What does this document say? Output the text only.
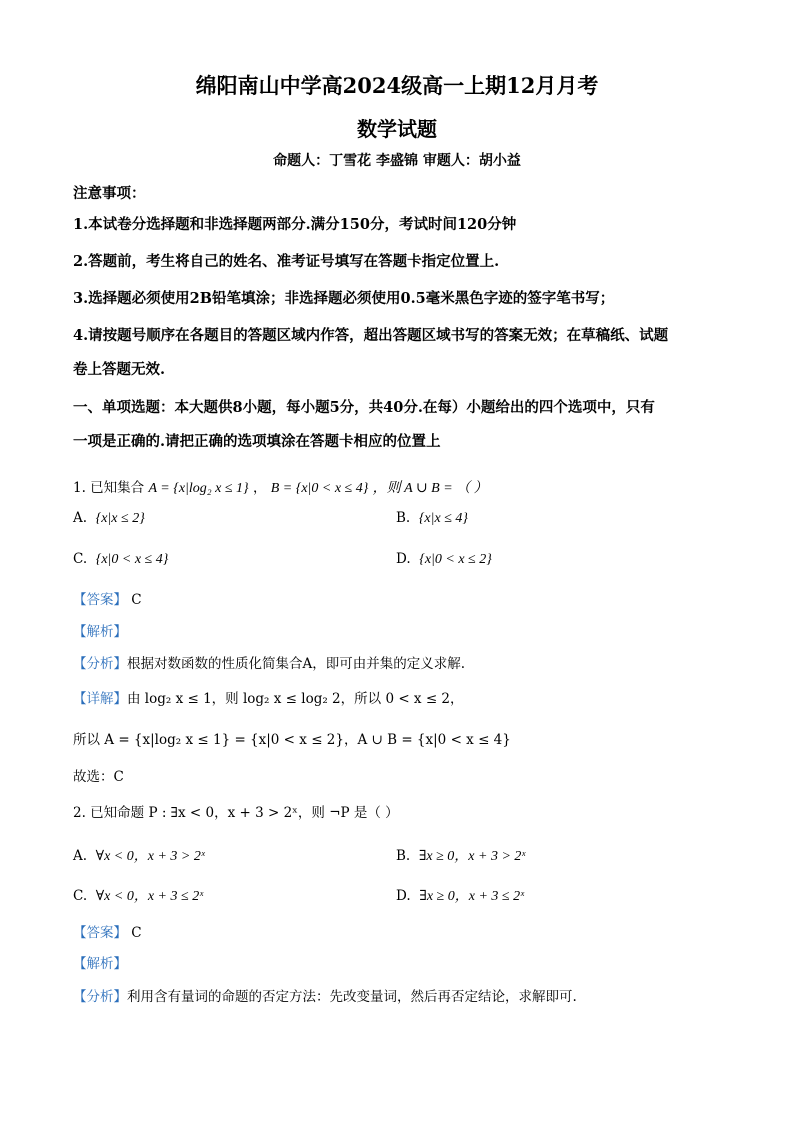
绵阳南山中学高2024级高一上期12月月考
数学试题
命题人：丁雪花 李盛锦 审题人：胡小益
注意事项：
1.本试卷分选择题和非选择题两部分.满分150分，考试时间120分钟
2.答题前，考生将自己的姓名、准考证号填写在答题卡指定位置上.
3.选择题必须使用2B铅笔填涂；非选择题必须使用0.5毫米黑色字迹的签字笔书写；
4.请按题号顺序在各题目的答题区域内作答，超出答题区域书写的答案无效；在草稿纸、试题
卷上答题无效.
一、单项选题：本大题供8小题，每小题5分，共40分.在每）小题给出的四个选项中，只有
一项是正确的.请把正确的选项填涂在答题卡相应的位置上
1. 已知集合 A = {x|log₂ x ≤ 1} ， B = {x|0 < x ≤ 4} ，则 A ∪ B = （ ）
A. {x|x ≤ 2}	B. {x|x ≤ 4}
C. {x|0 < x ≤ 4}	D. {x|0 < x ≤ 2}
【答案】 C
【解析】
【分析】根据对数函数的性质化简集合A，即可由并集的定义求解.
【详解】由 log₂ x ≤ 1，则 log₂ x ≤ log₂ 2，所以 0 < x ≤ 2，
所以 A = {x|log₂ x ≤ 1} = {x|0 < x ≤ 2}，A ∪ B = {x|0 < x ≤ 4}
故选：C
2. 已知命题 P : ∃x < 0，x + 3 > 2ˣ，则 ¬P 是（ ）
A. ∀x < 0，x + 3 > 2ˣ	B. ∃x ≥ 0，x + 3 > 2ˣ
C. ∀x < 0，x + 3 ≤ 2ˣ	D. ∃x ≥ 0，x + 3 ≤ 2ˣ
【答案】 C
【解析】
【分析】利用含有量词的命题的否定方法：先改变量词，然后再否定结论，求解即可.
